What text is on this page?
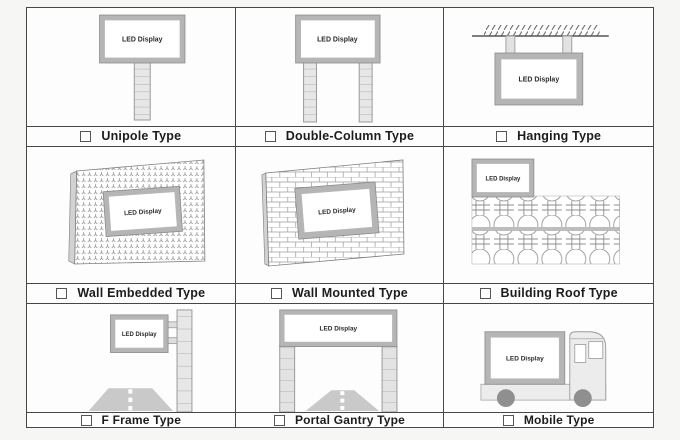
LED Display
Unipole Type
LED Display
Double-Column Type
LED Display
Hanging Type
LED Display
Wall Embedded Type
LED Display
Wall Mounted Type
LED Display
Building Roof Type
LED Display
F Frame Type
LED Display
Portal Gantry Type
LED Display
Mobile Type
